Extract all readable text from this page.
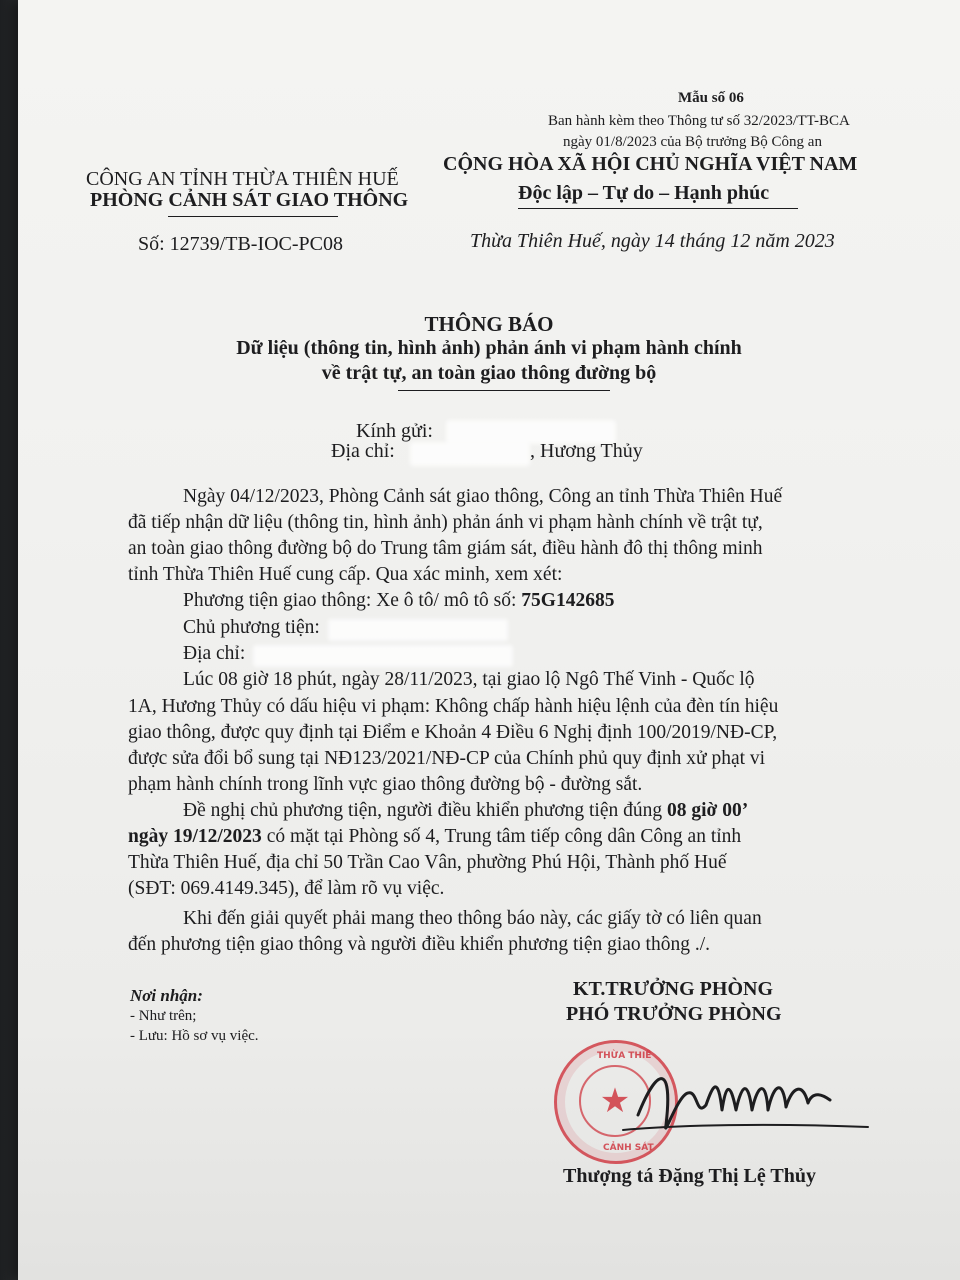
Mẫu số 06
Ban hành kèm theo Thông tư số 32/2023/TT-BCA
ngày 01/8/2023 của Bộ trưởng Bộ Công an
CÔNG AN TỈNH THỪA THIÊN HUẾ
PHÒNG CẢNH SÁT GIAO THÔNG
Số: 12739/TB-IOC-PC08
CỘNG HÒA XÃ HỘI CHỦ NGHĨA VIỆT NAM
Độc lập – Tự do – Hạnh phúc
Thừa Thiên Huế, ngày 14 tháng 12 năm 2023
THÔNG BÁO
Dữ liệu (thông tin, hình ảnh) phản ánh vi phạm hành chính
về trật tự, an toàn giao thông đường bộ
Kính gửi:
Địa chỉ:	, Hương Thủy
Ngày 04/12/2023, Phòng Cảnh sát giao thông, Công an tỉnh Thừa Thiên Huế
đã tiếp nhận dữ liệu (thông tin, hình ảnh) phản ánh vi phạm hành chính về trật tự,
an toàn giao thông đường bộ do Trung tâm giám sát, điều hành đô thị thông minh
tỉnh Thừa Thiên Huế cung cấp. Qua xác minh, xem xét:
Phương tiện giao thông: Xe ô tô/ mô tô số: 75G142685
Chủ phương tiện:
Địa chỉ:
Lúc 08 giờ 18 phút, ngày 28/11/2023, tại giao lộ Ngô Thế Vinh - Quốc lộ
1A, Hương Thủy có dấu hiệu vi phạm: Không chấp hành hiệu lệnh của đèn tín hiệu
giao thông, được quy định tại Điểm e Khoản 4 Điều 6 Nghị định 100/2019/NĐ-CP,
được sửa đổi bổ sung tại NĐ123/2021/NĐ-CP của Chính phủ quy định xử phạt vi
phạm hành chính trong lĩnh vực giao thông đường bộ - đường sắt.
Đề nghị chủ phương tiện, người điều khiển phương tiện đúng 08 giờ 00’
ngày 19/12/2023 có mặt tại Phòng số 4, Trung tâm tiếp công dân Công an tỉnh
Thừa Thiên Huế, địa chỉ 50 Trần Cao Vân, phường Phú Hội, Thành phố Huế
(SĐT: 069.4149.345), để làm rõ vụ việc.
Khi đến giải quyết phải mang theo thông báo này, các giấy tờ có liên quan
đến phương tiện giao thông và người điều khiển phương tiện giao thông ./.
Nơi nhận:
- Như trên;
- Lưu: Hồ sơ vụ việc.
KT.TRƯỞNG PHÒNG
PHÓ TRƯỞNG PHÒNG
★
THỪA THIÊ
CẢNH SÁT
Thượng tá Đặng Thị Lệ Thủy
